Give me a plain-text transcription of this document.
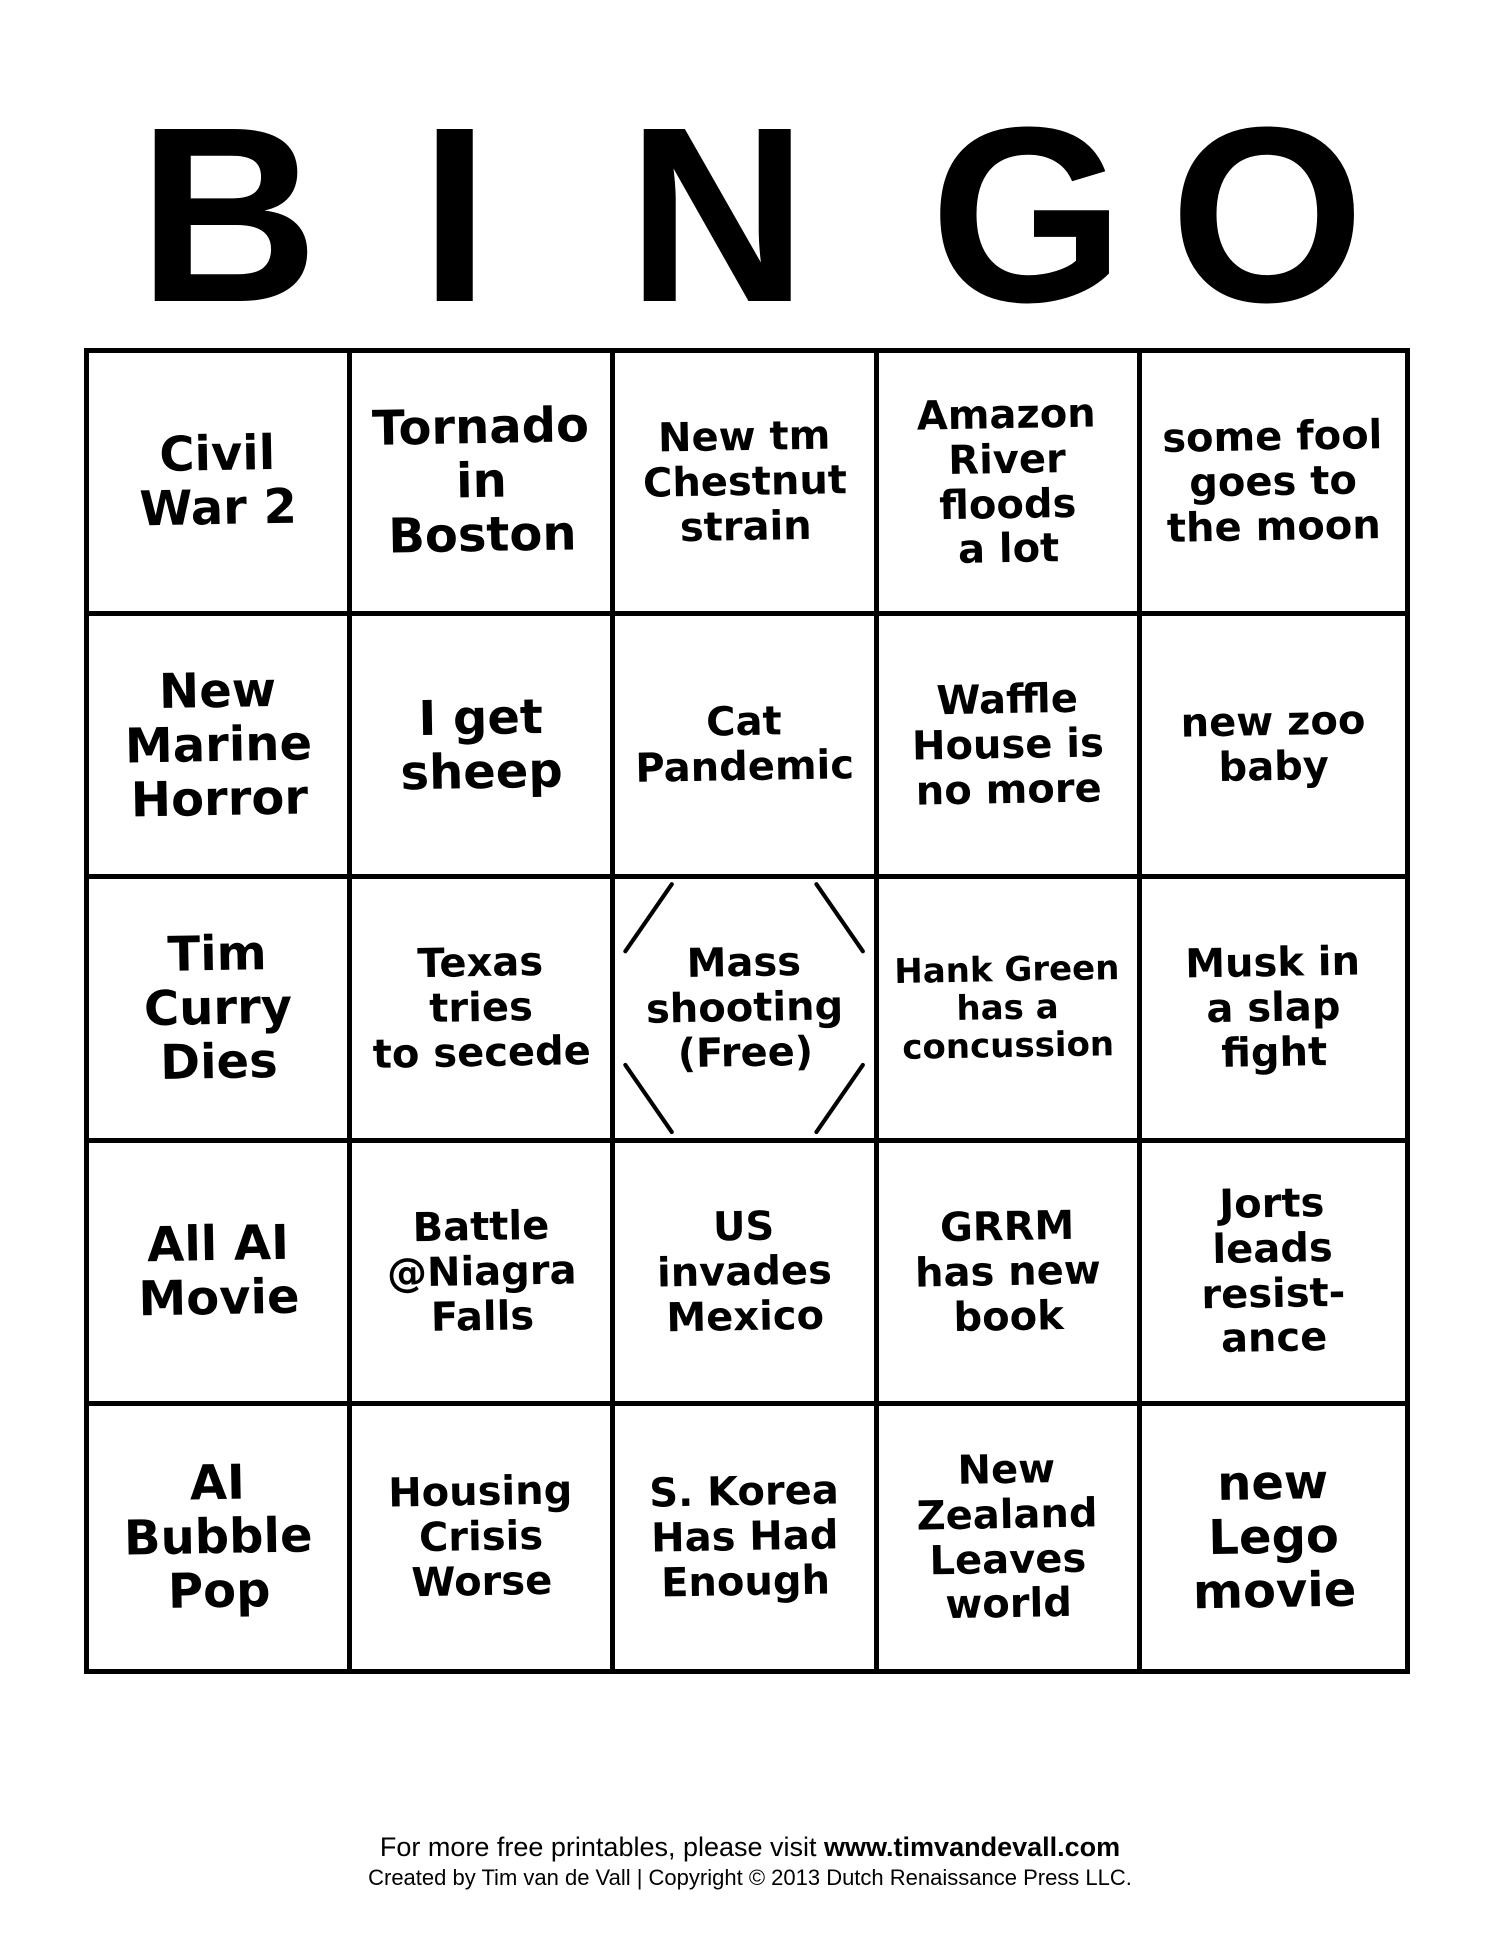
B I N G O
Civil
War 2
Tornado
in
Boston
New tm
Chestnut
strain
Amazon
River
floods
a lot
some fool
goes to
the moon
New
Marine
Horror
I get
sheep
Cat
Pandemic
Waffle
House is
no more
new zoo
baby
Tim
Curry
Dies
Texas
tries
to secede
Mass
shooting
(Free)
Hank Green
has a
concussion
Musk in
a slap
fight
All AI
Movie
Battle
@Niagra
Falls
US
invades
Mexico
GRRM
has new
book
Jorts
leads
resist-
ance
AI
Bubble
Pop
Housing
Crisis
Worse
S. Korea
Has Had
Enough
New
Zealand
Leaves
world
new
Lego
movie
For more free printables, please visit www.timvandevall.com
Created by Tim van de Vall | Copyright © 2013 Dutch Renaissance Press LLC.
